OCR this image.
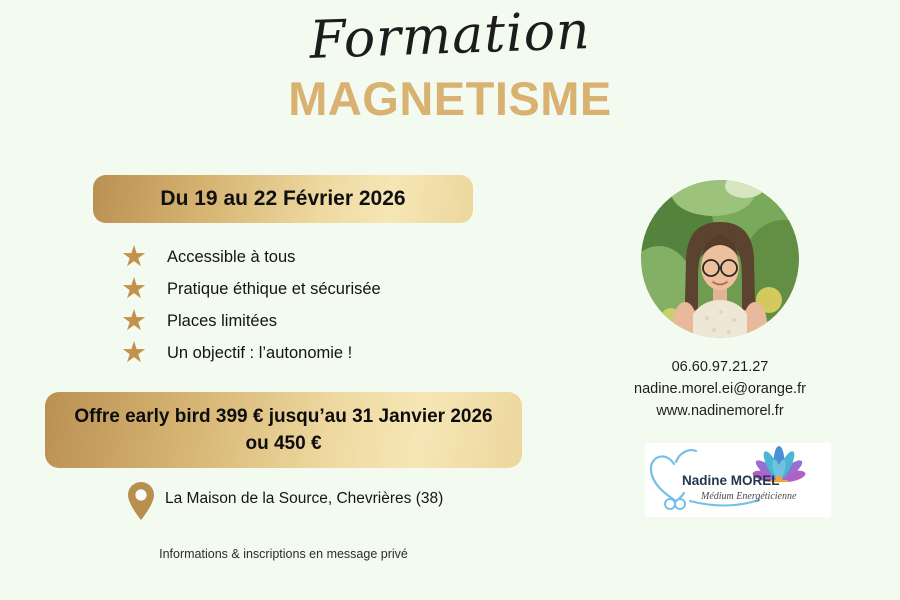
Formation
MAGNETISME
Du 19 au 22 Février 2026
★	Accessible à tous
★	Pratique éthique et sécurisée
★	Places limitées
★	Un objectif : l’autonomie !
Offre early bird 399 € jusqu’au 31 Janvier 2026
ou 450 €
La Maison de la Source, Chevrières (38)
Informations & inscriptions en message privé
06.60.97.21.27
nadine.morel.ei@orange.fr
www.nadinemorel.fr
Nadine MOREL
Médium Energéticienne
